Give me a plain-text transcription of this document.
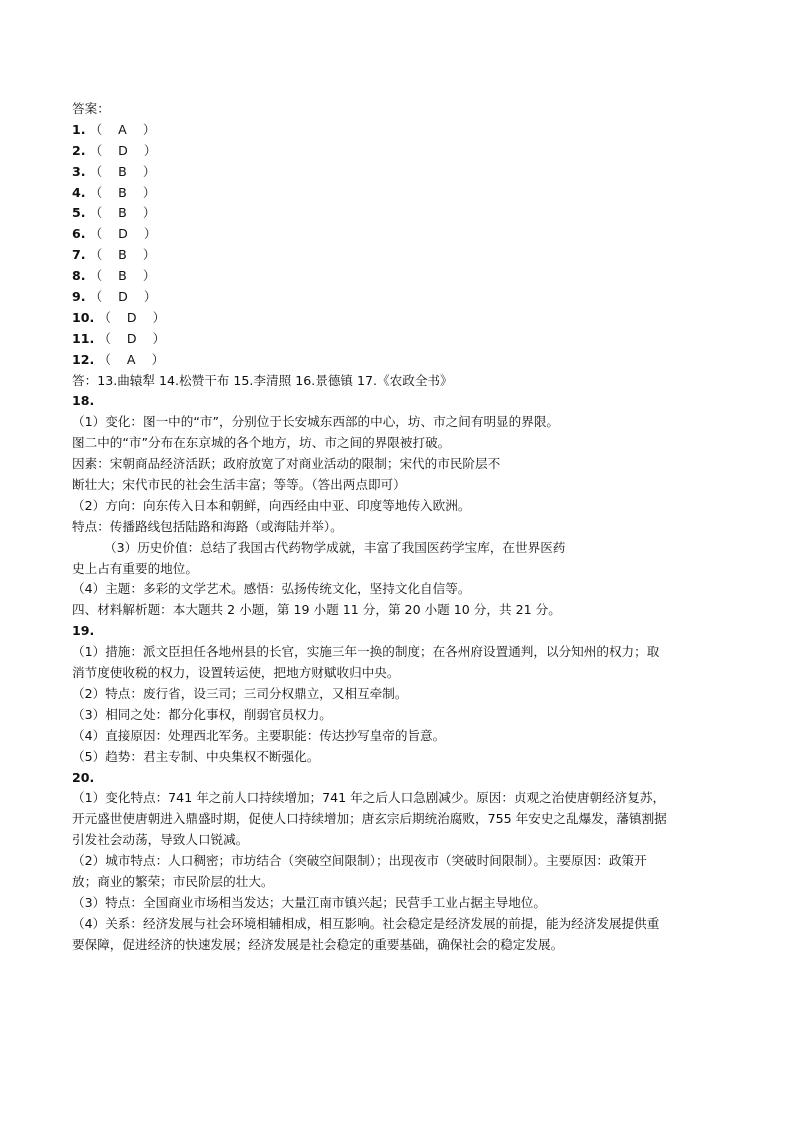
答案：
1. （    A    ）
2. （    D    ）
3. （    B    ）
4. （    B    ）
5. （    B    ）
6. （    D    ）
7. （    B    ）
8. （    B    ）
9. （    D    ）
10. （    D    ）
11. （    D    ）
12. （    A    ）
答：13.曲辕犁 14.松赞干布 15.李清照 16.景德镇 17.《农政全书》
18.
（1）变化：图一中的“市”，分别位于长安城东西部的中心，坊、市之间有明显的界限。
图二中的“市”分布在东京城的各个地方，坊、市之间的界限被打破。
因素：宋朝商品经济活跃；政府放宽了对商业活动的限制；宋代的市民阶层不
断壮大；宋代市民的社会生活丰富；等等。（答出两点即可）
（2）方向：向东传入日本和朝鲜，向西经由中亚、印度等地传入欧洲。
特点：传播路线包括陆路和海路（或海陆并举）。
（3）历史价值：总结了我国古代药物学成就，丰富了我国医药学宝库，在世界医药
史上占有重要的地位。
（4）主题：多彩的文学艺术。感悟：弘扬传统文化，坚持文化自信等。
四、材料解析题：本大题共 2 小题，第 19 小题 11 分，第 20 小题 10 分，共 21 分。
19.
（1）措施：派文臣担任各地州县的长官，实施三年一换的制度；在各州府设置通判，以分知州的权力；取
消节度使收税的权力，设置转运使，把地方财赋收归中央。
（2）特点：废行省，设三司；三司分权鼎立，又相互牵制。
（3）相同之处：都分化事权，削弱官员权力。
（4）直接原因：处理西北军务。主要职能：传达抄写皇帝的旨意。
（5）趋势：君主专制、中央集权不断强化。
20.
（1）变化特点：741 年之前人口持续增加；741 年之后人口急剧减少。原因：贞观之治使唐朝经济复苏，
开元盛世使唐朝进入鼎盛时期，促使人口持续增加；唐玄宗后期统治腐败，755 年安史之乱爆发，藩镇割据
引发社会动荡，导致人口锐减。
（2）城市特点：人口稠密；市坊结合（突破空间限制）；出现夜市（突破时间限制）。主要原因：政策开
放；商业的繁荣；市民阶层的壮大。
（3）特点：全国商业市场相当发达；大量江南市镇兴起；民营手工业占据主导地位。
（4）关系：经济发展与社会环境相辅相成，相互影响。社会稳定是经济发展的前提，能为经济发展提供重
要保障，促进经济的快速发展；经济发展是社会稳定的重要基础，确保社会的稳定发展。
